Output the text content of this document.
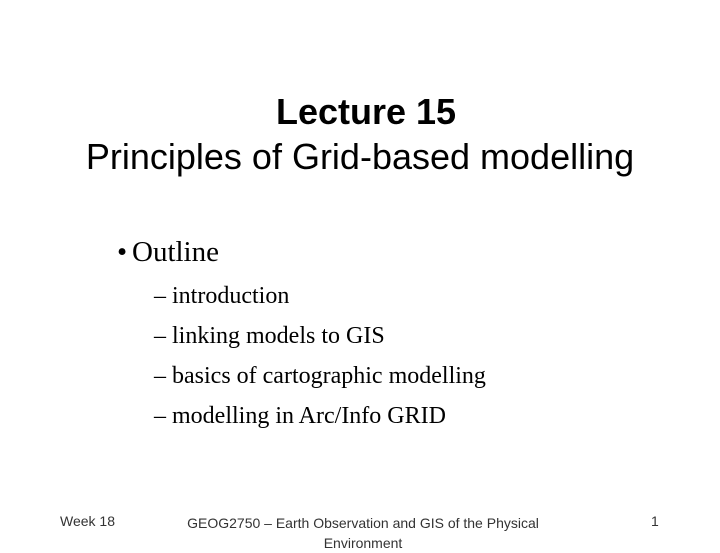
Lecture 15
Principles of Grid-based modelling
• Outline
– introduction
– linking models to GIS
– basics of cartographic modelling
– modelling in Arc/Info GRID
Week 18	GEOG2750 – Earth Observation and GIS of the Physical Environment
1
